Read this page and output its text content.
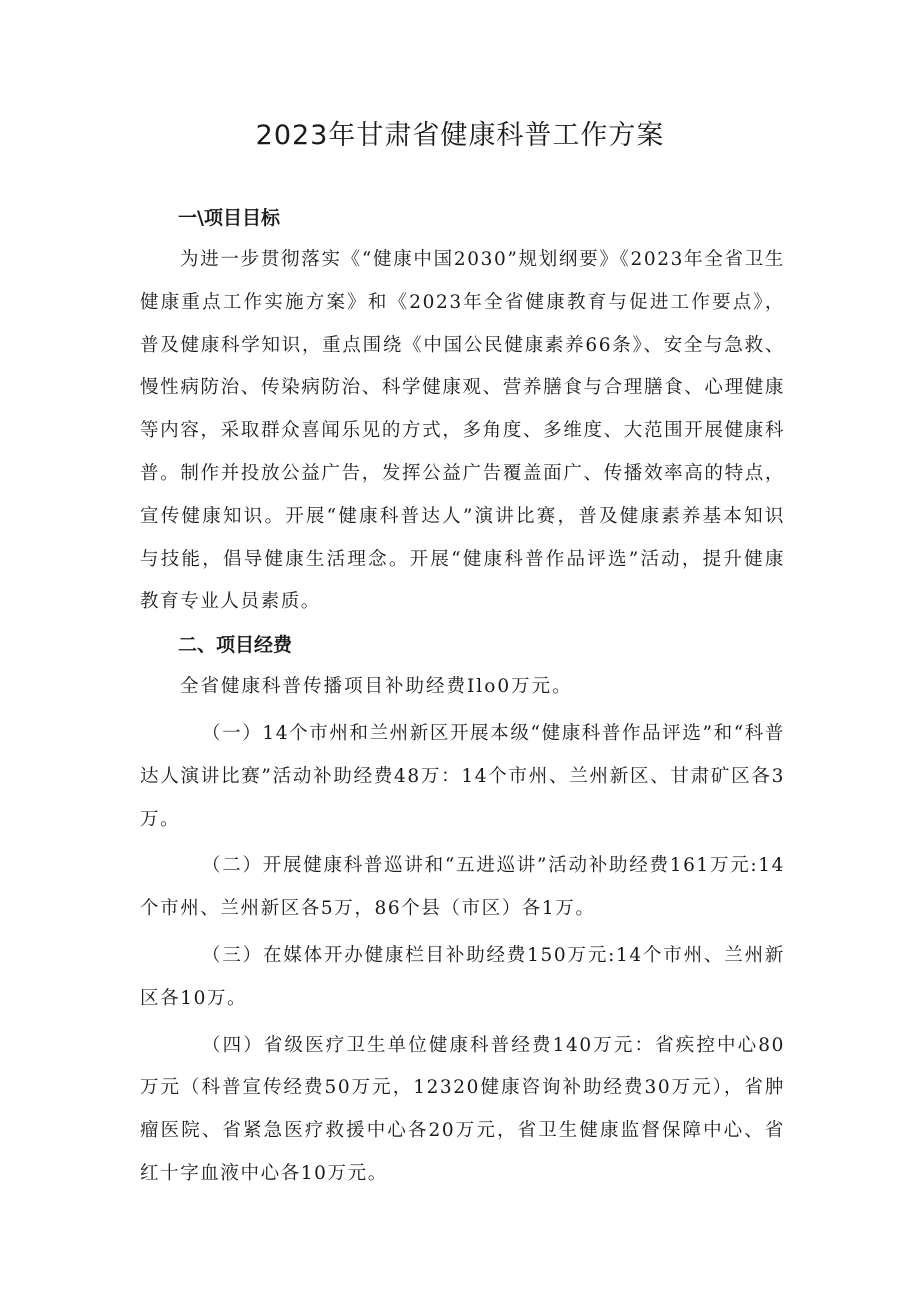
2023年甘肃省健康科普工作方案
一\项目目标

为进一步贯彻落实《“健康中国2030”规划纲要》《2023年全省卫生健康重点工作实施方案》和《2023年全省健康教育与促进工作要点》，普及健康科学知识，重点围绕《中国公民健康素养66条》、安全与急救、慢性病防治、传染病防治、科学健康观、营养膳食与合理膳食、心理健康等内容，采取群众喜闻乐见的方式，多角度、多维度、大范围开展健康科普。制作并投放公益广告，发挥公益广告覆盖面广、传播效率高的特点，宣传健康知识。开展“健康科普达人”演讲比赛，普及健康素养基本知识与技能，倡导健康生活理念。开展“健康科普作品评选”活动，提升健康教育专业人员素质。

二、项目经费

全省健康科普传播项目补助经费Ilo0万元。

（一）14个市州和兰州新区开展本级“健康科普作品评选”和“科普达人演讲比赛”活动补助经费48万：14个市州、兰州新区、甘肃矿区各3万。

（二）开展健康科普巡讲和“五进巡讲”活动补助经费161万元:14个市州、兰州新区各5万，86个县（市区）各1万。

（三）在媒体开办健康栏目补助经费150万元:14个市州、兰州新区各10万。

（四）省级医疗卫生单位健康科普经费140万元：省疾控中心80万元（科普宣传经费50万元，12320健康咨询补助经费30万元），省肿瘤医院、省紧急医疗救援中心各20万元，省卫生健康监督保障中心、省红十字血液中心各10万元。
